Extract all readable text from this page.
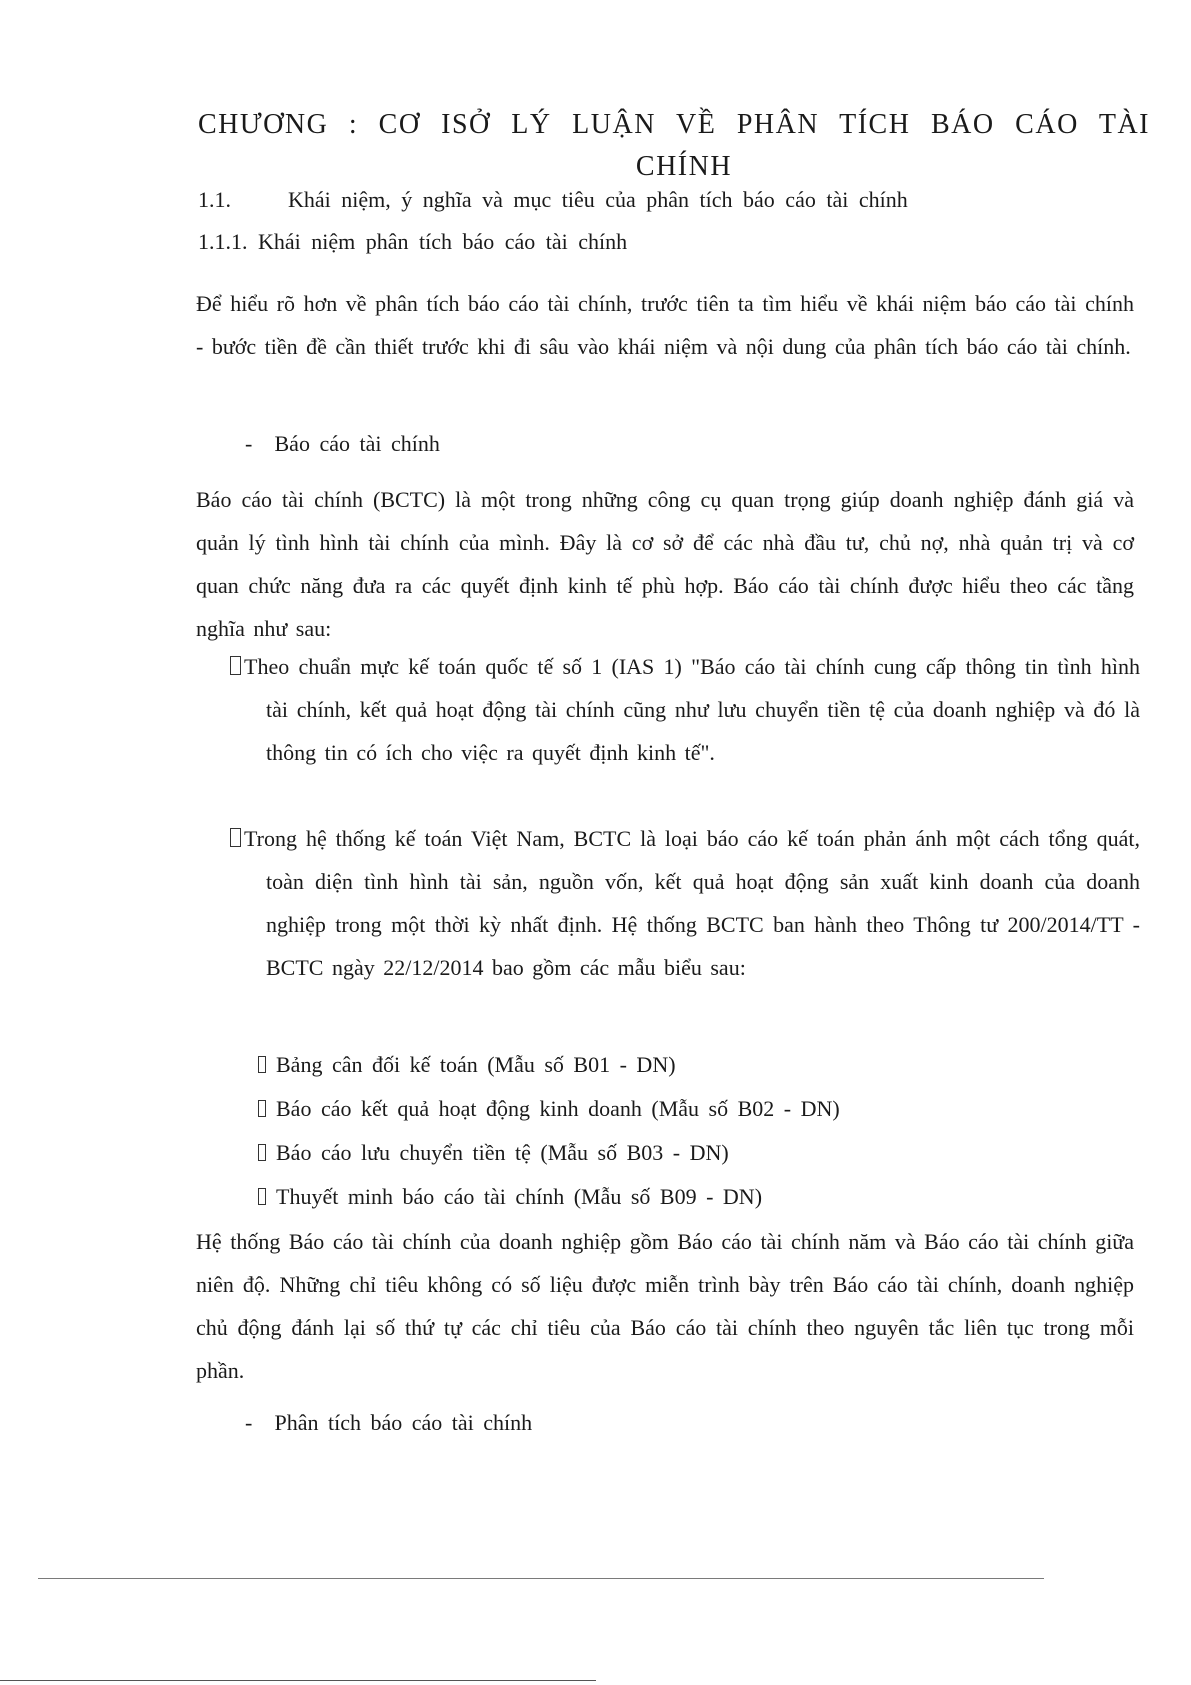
CHƯƠNG : CƠ ISỞ LÝ LUẬN VỀ PHÂN TÍCH BÁO CÁO TÀI
CHÍNH
1.1.	Khái niệm, ý nghĩa và mục tiêu của phân tích báo cáo tài chính
1.1.1. Khái niệm phân tích báo cáo tài chính

Để hiểu rõ hơn về phân tích báo cáo tài chính, trước tiên ta tìm hiểu về khái niệm báo cáo tài chính - bước tiền đề cần thiết trước khi đi sâu vào khái niệm và nội dung của phân tích báo cáo tài chính.

- Báo cáo tài chính

Báo cáo tài chính (BCTC) là một trong những công cụ quan trọng giúp doanh nghiệp đánh giá và quản lý tình hình tài chính của mình. Đây là cơ sở để các nhà đầu tư, chủ nợ, nhà quản trị và cơ quan chức năng đưa ra các quyết định kinh tế phù hợp. Báo cáo tài chính được hiểu theo các tầng nghĩa như sau:

Theo chuẩn mực kế toán quốc tế số 1 (IAS 1) "Báo cáo tài chính cung cấp thông tin tình hình tài chính, kết quả hoạt động tài chính cũng như lưu chuyển tiền tệ của doanh nghiệp và đó là thông tin có ích cho việc ra quyết định kinh tế".

Trong hệ thống kế toán Việt Nam, BCTC là loại báo cáo kế toán phản ánh một cách tổng quát, toàn diện tình hình tài sản, nguồn vốn, kết quả hoạt động sản xuất kinh doanh của doanh nghiệp trong một thời kỳ nhất định. Hệ thống BCTC ban hành theo Thông tư 200/2014/TT - BCTC ngày 22/12/2014 bao gồm các mẫu biểu sau:

Bảng cân đối kế toán (Mẫu số B01 - DN)
Báo cáo kết quả hoạt động kinh doanh (Mẫu số B02 - DN)
Báo cáo lưu chuyển tiền tệ (Mẫu số B03 - DN)
Thuyết minh báo cáo tài chính (Mẫu số B09 - DN)

Hệ thống Báo cáo tài chính của doanh nghiệp gồm Báo cáo tài chính năm và Báo cáo tài chính giữa niên độ. Những chỉ tiêu không có số liệu được miễn trình bày trên Báo cáo tài chính, doanh nghiệp chủ động đánh lại số thứ tự các chỉ tiêu của Báo cáo tài chính theo nguyên tắc liên tục trong mỗi phần.

- Phân tích báo cáo tài chính
